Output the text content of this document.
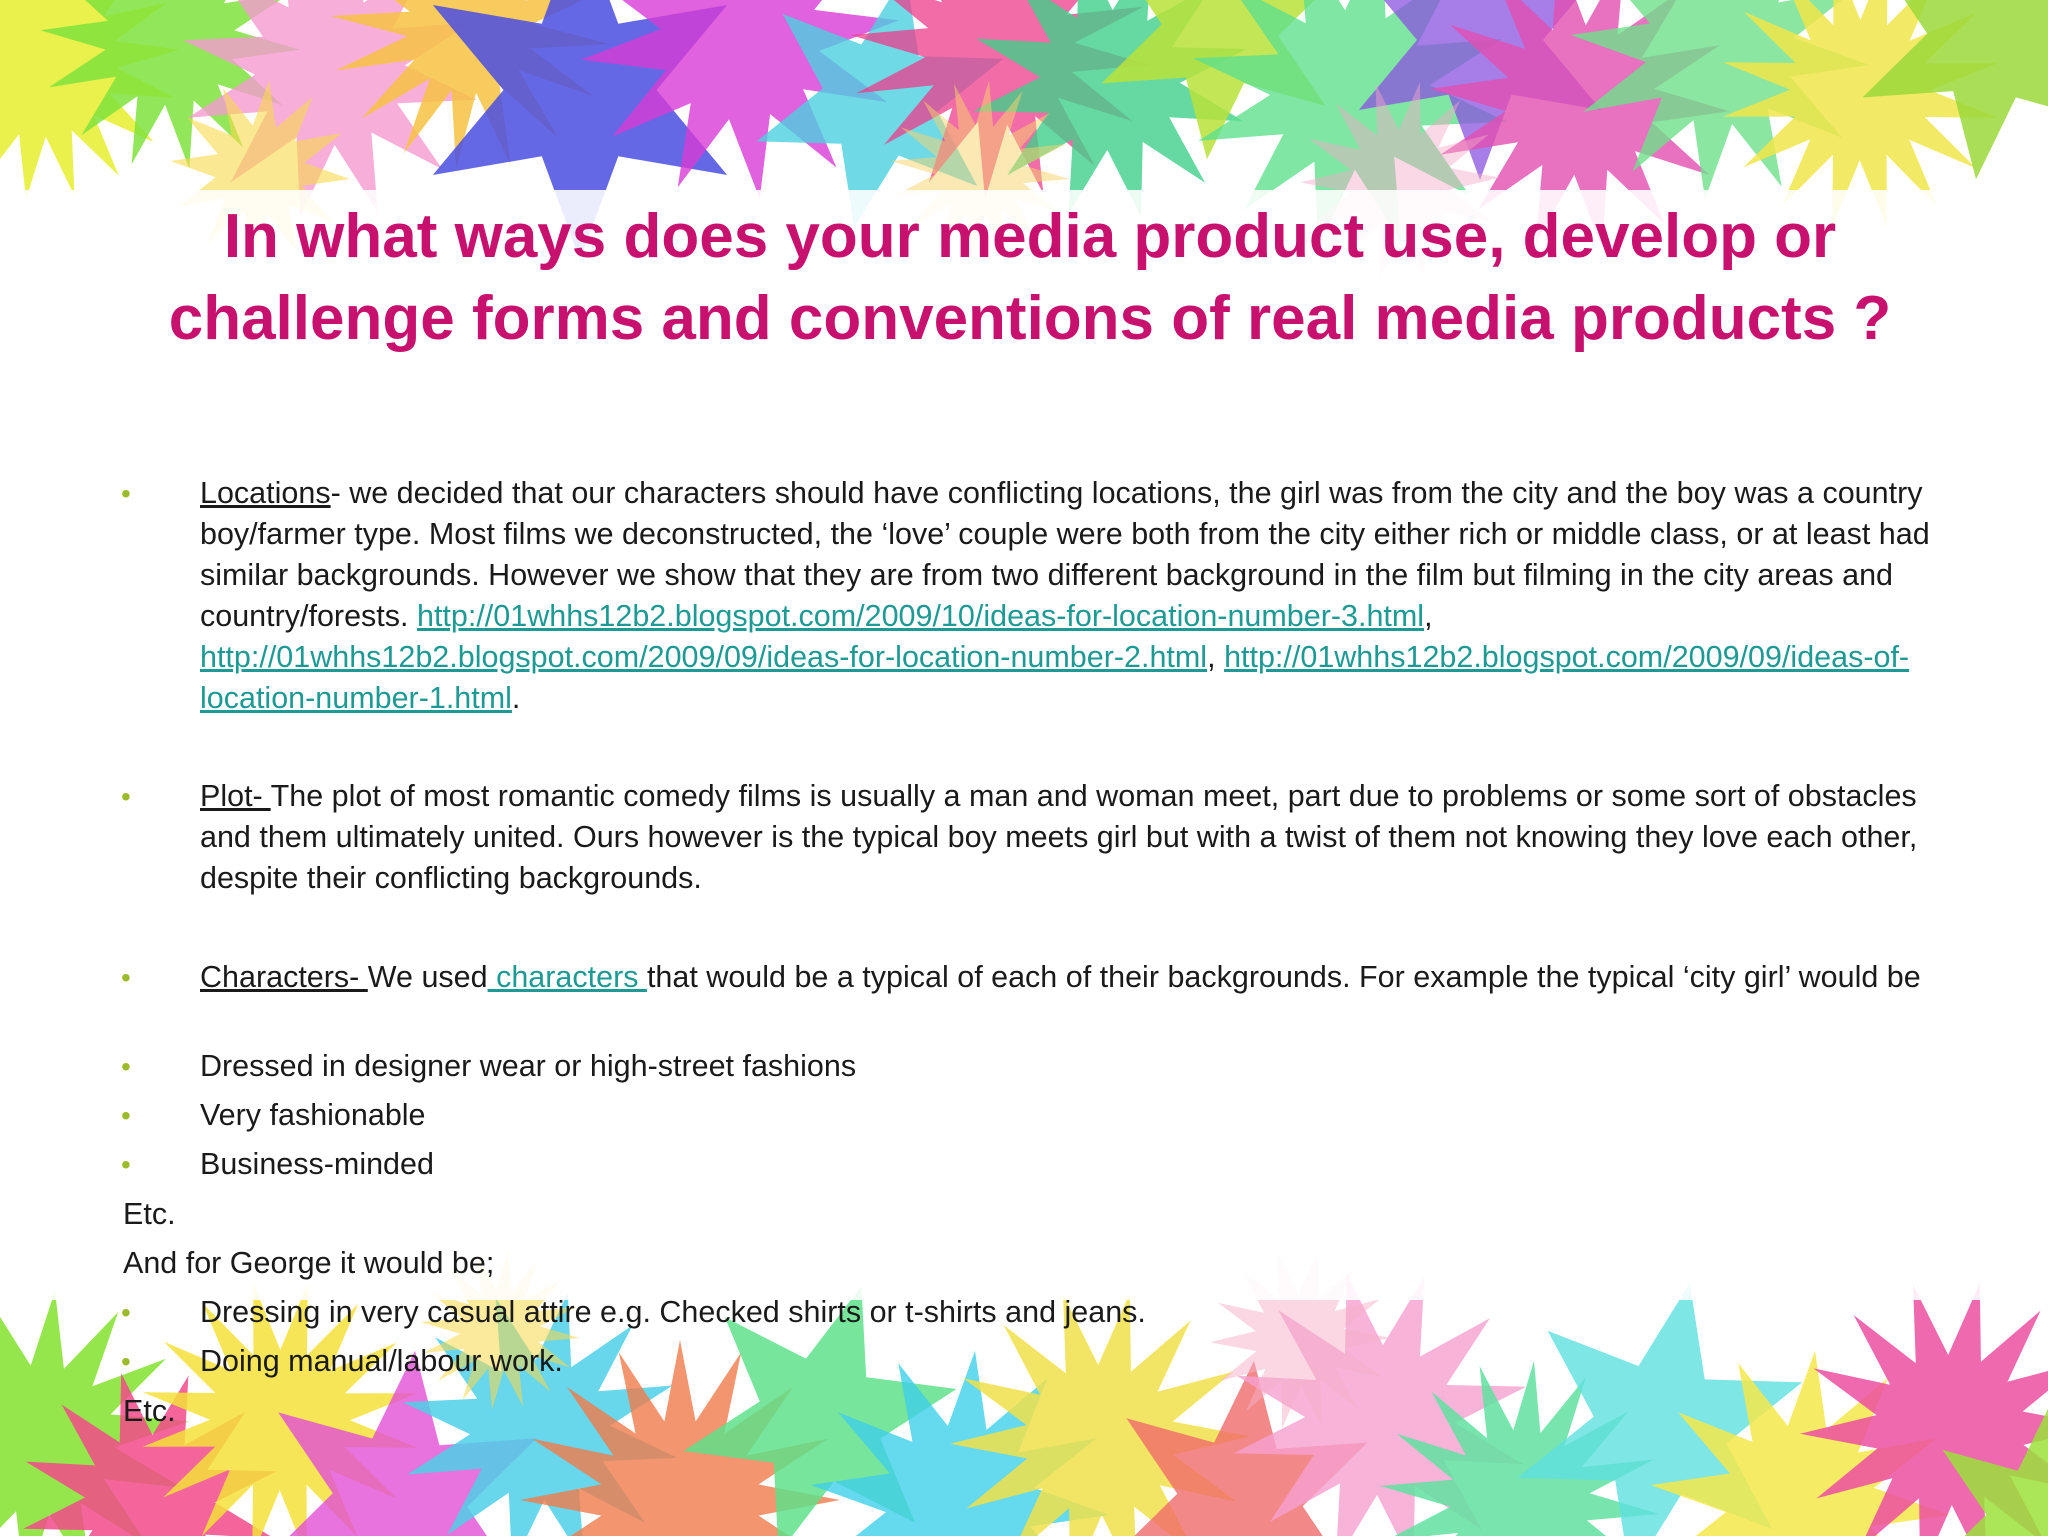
In what ways does your media product use, develop or challenge forms and conventions of real media products ?
• Locations- we decided that our characters should have conflicting locations, the girl was from the city and the boy was a country boy/farmer type. Most films we deconstructed, the ‘love’ couple were both from the city either rich or middle class, or at least had similar backgrounds. However we show that they are from two different background in the film but filming in the city areas and country/forests. http://01whhs12b2.blogspot.com/2009/10/ideas-for-location-number-3.html, http://01whhs12b2.blogspot.com/2009/09/ideas-for-location-number-2.html, http://01whhs12b2.blogspot.com/2009/09/ideas-of-location-number-1.html.

• Plot- The plot of most romantic comedy films is usually a man and woman meet, part due to problems or some sort of obstacles and them ultimately united. Ours however is the typical boy meets girl but with a twist of them not knowing they love each other, despite their conflicting backgrounds.

• Characters- We used characters that would be a typical of each of their backgrounds. For example the typical ‘city girl’ would be

• Dressed in designer wear or high-street fashions

• Very fashionable

• Business-minded

Etc.

And for George it would be;

• Dressing in very casual attire e.g. Checked shirts or t-shirts and jeans.

• Doing manual/labour work.

Etc.
